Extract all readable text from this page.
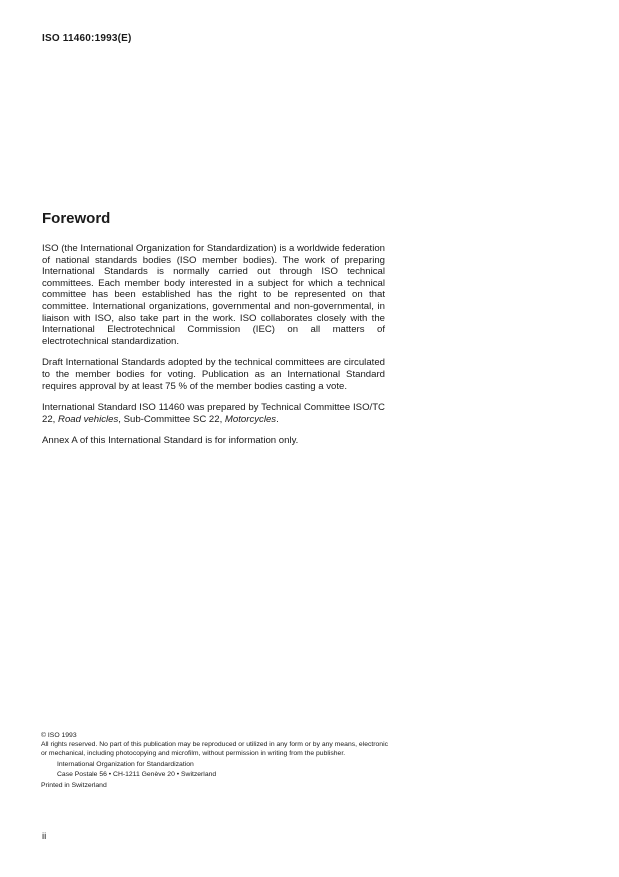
ISO 11460:1993(E)
Foreword

ISO (the International Organization for Standardization) is a worldwide federation of national standards bodies (ISO member bodies). The work of preparing International Standards is normally carried out through ISO technical committees. Each member body interested in a subject for which a technical committee has been established has the right to be represented on that committee. International organizations, governmental and non-governmental, in liaison with ISO, also take part in the work. ISO collaborates closely with the International Electrotechnical Commission (IEC) on all matters of electrotechnical standardization.

Draft International Standards adopted by the technical committees are circulated to the member bodies for voting. Publication as an International Standard requires approval by at least 75 % of the member bodies casting a vote.

International Standard ISO 11460 was prepared by Technical Committee ISO/TC 22, Road vehicles, Sub-Committee SC 22, Motorcycles.

Annex A of this International Standard is for information only.

© ISO 1993
All rights reserved. No part of this publication may be reproduced or utilized in any form or by any means, electronic or mechanical, including photocopying and microfilm, without permission in writing from the publisher.
International Organization for Standardization
Case Postale 56 • CH-1211 Genève 20 • Switzerland
Printed in Switzerland
ii
